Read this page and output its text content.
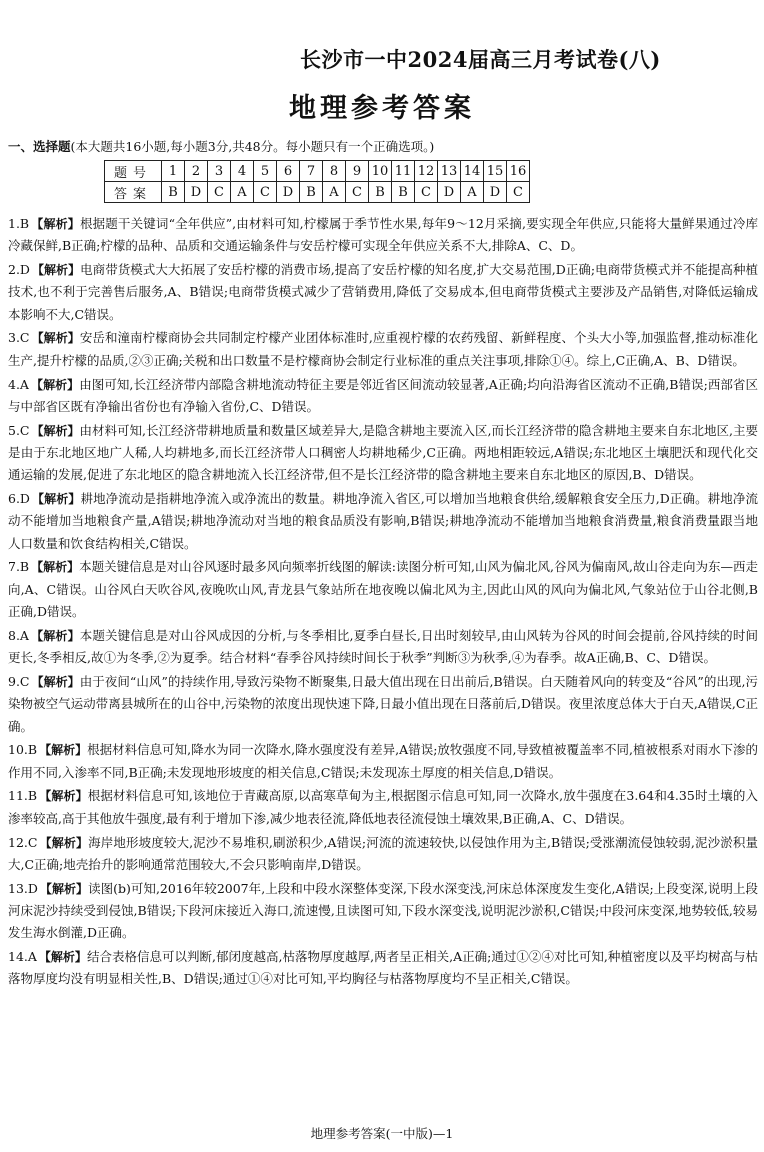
长沙市一中2024届高三月考试卷(八)
地理参考答案
一、选择题(本大题共16小题,每小题3分,共48分。每小题只有一个正确选项。)
题号	1	2	3	4	5	6	7	8	9	10	11	12	13	14	15	16
答案	B	D	C	A	C	D	B	A	C	B	B	C	D	A	D	C
1.B 【解析】根据题干关键词“全年供应”,由材料可知,柠檬属于季节性水果,每年9～12月采摘,要实现全年供应,只能将大量鲜果通过冷库冷藏保鲜,B正确;柠檬的品种、品质和交通运输条件与安岳柠檬可实现全年供应关系不大,排除A、C、D。
2.D 【解析】电商带货模式大大拓展了安岳柠檬的消费市场,提高了安岳柠檬的知名度,扩大交易范围,D正确;电商带货模式并不能提高种植技术,也不利于完善售后服务,A、B错误;电商带货模式减少了营销费用,降低了交易成本,但电商带货模式主要涉及产品销售,对降低运输成本影响不大,C错误。
3.C 【解析】安岳和潼南柠檬商协会共同制定柠檬产业团体标准时,应重视柠檬的农药残留、新鲜程度、个头大小等,加强监督,推动标准化生产,提升柠檬的品质,②③正确;关税和出口数量不是柠檬商协会制定行业标准的重点关注事项,排除①④。综上,C正确,A、B、D错误。
4.A 【解析】由图可知,长江经济带内部隐含耕地流动特征主要是邻近省区间流动较显著,A正确;均向沿海省区流动不正确,B错误;西部省区与中部省区既有净输出省份也有净输入省份,C、D错误。
5.C 【解析】由材料可知,长江经济带耕地质量和数量区域差异大,是隐含耕地主要流入区,而长江经济带的隐含耕地主要来自东北地区,主要是由于东北地区地广人稀,人均耕地多,而长江经济带人口稠密人均耕地稀少,C正确。两地相距较远,A错误;东北地区土壤肥沃和现代化交通运输的发展,促进了东北地区的隐含耕地流入长江经济带,但不是长江经济带的隐含耕地主要来自东北地区的原因,B、D错误。
6.D 【解析】耕地净流动是指耕地净流入或净流出的数量。耕地净流入省区,可以增加当地粮食供给,缓解粮食安全压力,D正确。耕地净流动不能增加当地粮食产量,A错误;耕地净流动对当地的粮食品质没有影响,B错误;耕地净流动不能增加当地粮食消费量,粮食消费量跟当地人口数量和饮食结构相关,C错误。
7.B 【解析】本题关键信息是对山谷风逐时最多风向频率折线图的解读:读图分析可知,山风为偏北风,谷风为偏南风,故山谷走向为东—西走向,A、C错误。山谷风白天吹谷风,夜晚吹山风,青龙县气象站所在地夜晚以偏北风为主,因此山风的风向为偏北风,气象站位于山谷北侧,B正确,D错误。
8.A 【解析】本题关键信息是对山谷风成因的分析,与冬季相比,夏季白昼长,日出时刻较早,由山风转为谷风的时间会提前,谷风持续的时间更长,冬季相反,故①为冬季,②为夏季。结合材料“春季谷风持续时间长于秋季”判断③为秋季,④为春季。故A正确,B、C、D错误。
9.C 【解析】由于夜间“山风”的持续作用,导致污染物不断聚集,日最大值出现在日出前后,B错误。白天随着风向的转变及“谷风”的出现,污染物被空气运动带离县城所在的山谷中,污染物的浓度出现快速下降,日最小值出现在日落前后,D错误。夜里浓度总体大于白天,A错误,C正确。
10.B 【解析】根据材料信息可知,降水为同一次降水,降水强度没有差异,A错误;放牧强度不同,导致植被覆盖率不同,植被根系对雨水下渗的作用不同,入渗率不同,B正确;未发现地形坡度的相关信息,C错误;未发现冻土厚度的相关信息,D错误。
11.B 【解析】根据材料信息可知,该地位于青藏高原,以高寒草甸为主,根据图示信息可知,同一次降水,放牛强度在3.64和4.35时土壤的入渗率较高,高于其他放牛强度,最有利于增加下渗,减少地表径流,降低地表径流侵蚀土壤效果,B正确,A、C、D错误。
12.C 【解析】海岸地形坡度较大,泥沙不易堆积,刷淤积少,A错误;河流的流速较快,以侵蚀作用为主,B错误;受涨潮流侵蚀较弱,泥沙淤积量大,C正确;地壳抬升的影响通常范围较大,不会只影响南岸,D错误。
13.D 【解析】读图(b)可知,2016年较2007年,上段和中段水深整体变深,下段水深变浅,河床总体深度发生变化,A错误;上段变深,说明上段河床泥沙持续受到侵蚀,B错误;下段河床接近入海口,流速慢,且读图可知,下段水深变浅,说明泥沙淤积,C错误;中段河床变深,地势较低,较易发生海水倒灌,D正确。
14.A 【解析】结合表格信息可以判断,郁闭度越高,枯落物厚度越厚,两者呈正相关,A正确;通过①②④对比可知,种植密度以及平均树高与枯落物厚度均没有明显相关性,B、D错误;通过①④对比可知,平均胸径与枯落物厚度均不呈正相关,C错误。
地理参考答案(一中版)—1
